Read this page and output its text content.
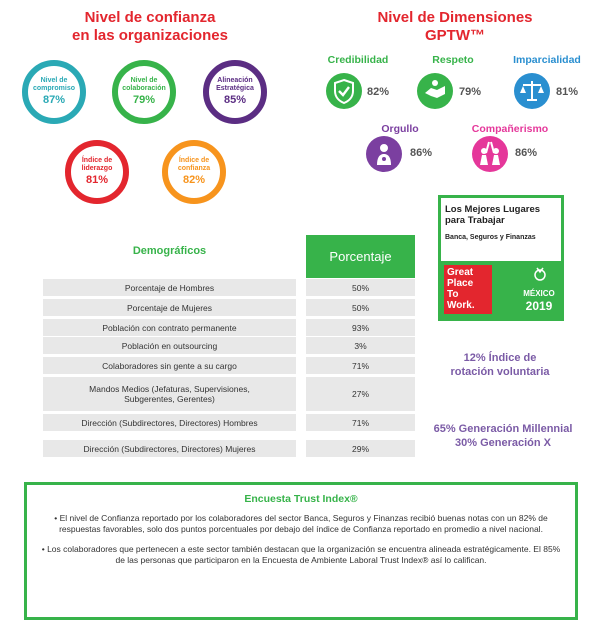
Nivel de confianza
en las organizaciones
Nivel de
compromiso
87%
Nivel de
colaboración
79%
Alineación
Estratégica
85%
Índice de
liderazgo
81%
Índice de
confianza
82%
Nivel de Dimensiones
GPTW™
Credibilidad
82%
Respeto
79%
Imparcialidad
81%
Orgullo
86%
Compañerismo
86%
Los Mejores Lugares
para Trabajar
Banca, Seguros y Finanzas
Great
Place
To
Work.
MÉXICO
2019
Demográficos	Porcentaje
Porcentaje de Hombres	50%
Porcentaje de Mujeres	50%
Población con contrato permanente	93%
Población en outsourcing	3%
Colaboradores sin gente a su cargo	71%
Mandos Medios (Jefaturas, Supervisiones, Subgerentes, Gerentes)	27%
Dirección (Subdirectores, Directores) Hombres	71%
Dirección (Subdirectores, Directores) Mujeres	29%
12% Índice de
rotación voluntaria
65% Generación Millennial
30% Generación X
Encuesta Trust Index®
• El nivel de Confianza reportado por los colaboradores del sector Banca, Seguros y Finanzas recibió buenas notas con un 82% de respuestas favorables, solo dos puntos porcentuales por debajo del índice de Confianza reportado en promedio a nivel nacional.
• Los colaboradores que pertenecen a este sector también destacan que la organización se encuentra alineada estratégicamente. El 85% de las personas que participaron en la Encuesta de Ambiente Laboral Trust Index® así lo califican.
